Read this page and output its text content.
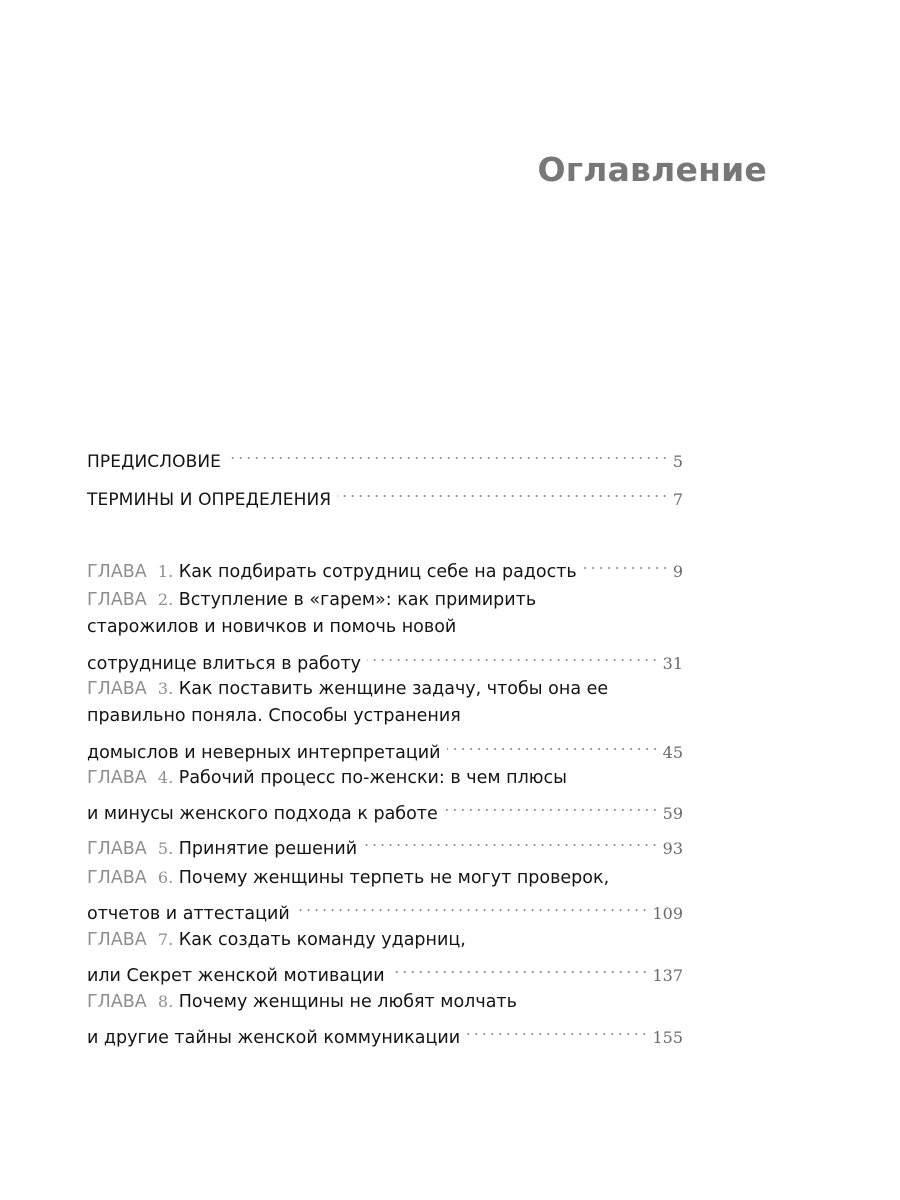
Оглавление
ПРЕДИСЛОВИЕ	5
ТЕРМИНЫ И ОПРЕДЕЛЕНИЯ	7
ГЛАВА 1. Как подбирать сотрудниц себе на радость	9
ГЛАВА 2. Вступление в «гарем»: как примирить
старожилов и новичков и помочь новой
сотруднице влиться в работу	31
ГЛАВА 3. Как поставить женщине задачу, чтобы она ее
правильно поняла. Способы устранения
домыслов и неверных интерпретаций	45
ГЛАВА 4. Рабочий процесс по-женски: в чем плюсы
и минусы женского подхода к работе	59
ГЛАВА 5. Принятие решений	93
ГЛАВА 6. Почему женщины терпеть не могут проверок,
отчетов и аттестаций	109
ГЛАВА 7. Как создать команду ударниц,
или Секрет женской мотивации	137
ГЛАВА 8. Почему женщины не любят молчать
и другие тайны женской коммуникации	155
